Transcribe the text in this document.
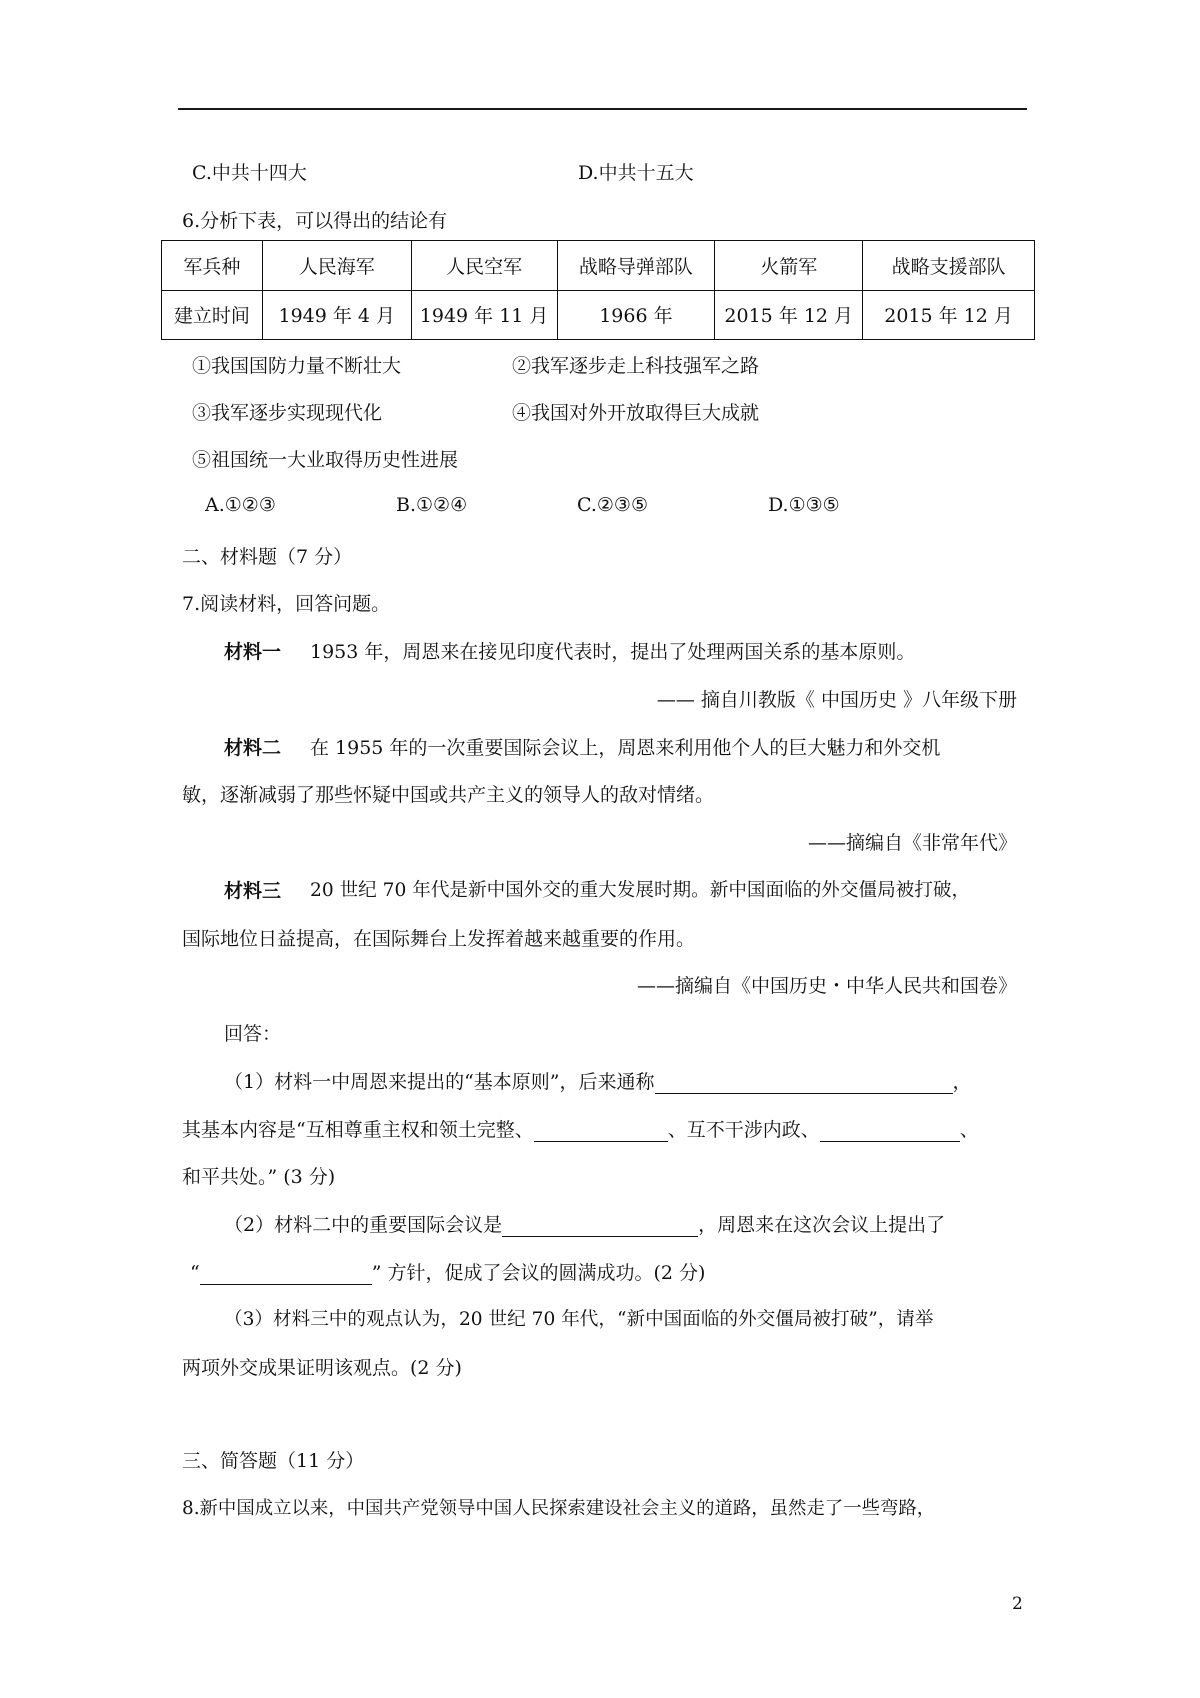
C.中共十四大	D.中共十五大
6.分析下表，可以得出的结论有
军兵种	人民海军	人民空军	战略导弹部队	火箭军	战略支援部队
建立时间	1949 年 4 月	1949 年 11 月	1966 年	2015 年 12 月	2015 年 12 月
①我国国防力量不断壮大	②我军逐步走上科技强军之路
③我军逐步实现现代化	④我国对外开放取得巨大成就
⑤祖国统一大业取得历史性进展
A.①②③	B.①②④	C.②③⑤	D.①③⑤
二、材料题（7 分）
7.阅读材料，回答问题。
材料一 1953 年，周恩来在接见印度代表时，提出了处理两国关系的基本原则。
—— 摘自川教版《 中国历史 》八年级下册
材料二 在 1955 年的一次重要国际会议上，周恩来利用他个人的巨大魅力和外交机
敏，逐渐减弱了那些怀疑中国或共产主义的领导人的敌对情绪。
——摘编自《非常年代》
材料三 20 世纪 70 年代是新中国外交的重大发展时期。新中国面临的外交僵局被打破，
国际地位日益提高，在国际舞台上发挥着越来越重要的作用。
——摘编自《中国历史・中华人民共和国卷》
回答：
（1）材料一中周恩来提出的“基本原则”，后来通称	，
其基本内容是“互相尊重主权和领土完整、	、互不干涉内政、	、
和平共处。” (3 分)
（2）材料二中的重要国际会议是	，周恩来在这次会议上提出了
“	” 方针，促成了会议的圆满成功。(2 分)
（3）材料三中的观点认为，20 世纪 70 年代，“新中国面临的外交僵局被打破”，请举
两项外交成果证明该观点。(2 分)
三、简答题（11 分）
8.新中国成立以来，中国共产党领导中国人民探索建设社会主义的道路，虽然走了一些弯路，
2
